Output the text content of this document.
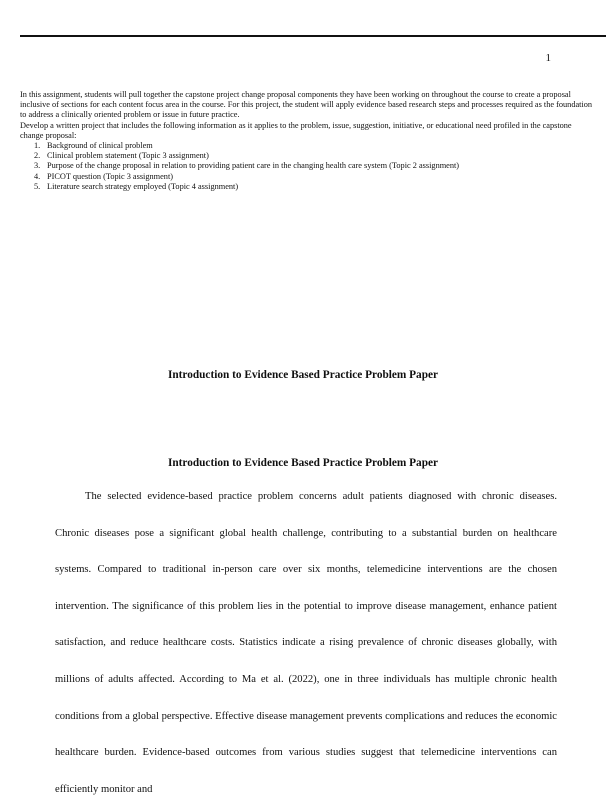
1

In this assignment, students will pull together the capstone project change proposal components they have been working on throughout the course to create a proposal inclusive of sections for each content focus area in the course. For this project, the student will apply evidence based research steps and processes required as the foundation to address a clinically oriented problem or issue in future practice.

Develop a written project that includes the following information as it applies to the problem, issue, suggestion, initiative, or educational need profiled in the capstone change proposal:

1. Background of clinical problem
2. Clinical problem statement (Topic 3 assignment)
3. Purpose of the change proposal in relation to providing patient care in the changing health care system (Topic 2 assignment)
4. PICOT question (Topic 3 assignment)
5. Literature search strategy employed (Topic 4 assignment)
Introduction to Evidence Based Practice Problem Paper
Introduction to Evidence Based Practice Problem Paper

The selected evidence-based practice problem concerns adult patients diagnosed with chronic diseases. Chronic diseases pose a significant global health challenge, contributing to a substantial burden on healthcare systems. Compared to traditional in-person care over six months, telemedicine interventions are the chosen intervention. The significance of this problem lies in the potential to improve disease management, enhance patient satisfaction, and reduce healthcare costs. Statistics indicate a rising prevalence of chronic diseases globally, with millions of adults affected. According to Ma et al. (2022), one in three individuals has multiple chronic health conditions from a global perspective. Effective disease management prevents complications and reduces the economic healthcare burden. Evidence-based outcomes from various studies suggest that telemedicine interventions can efficiently monitor and
